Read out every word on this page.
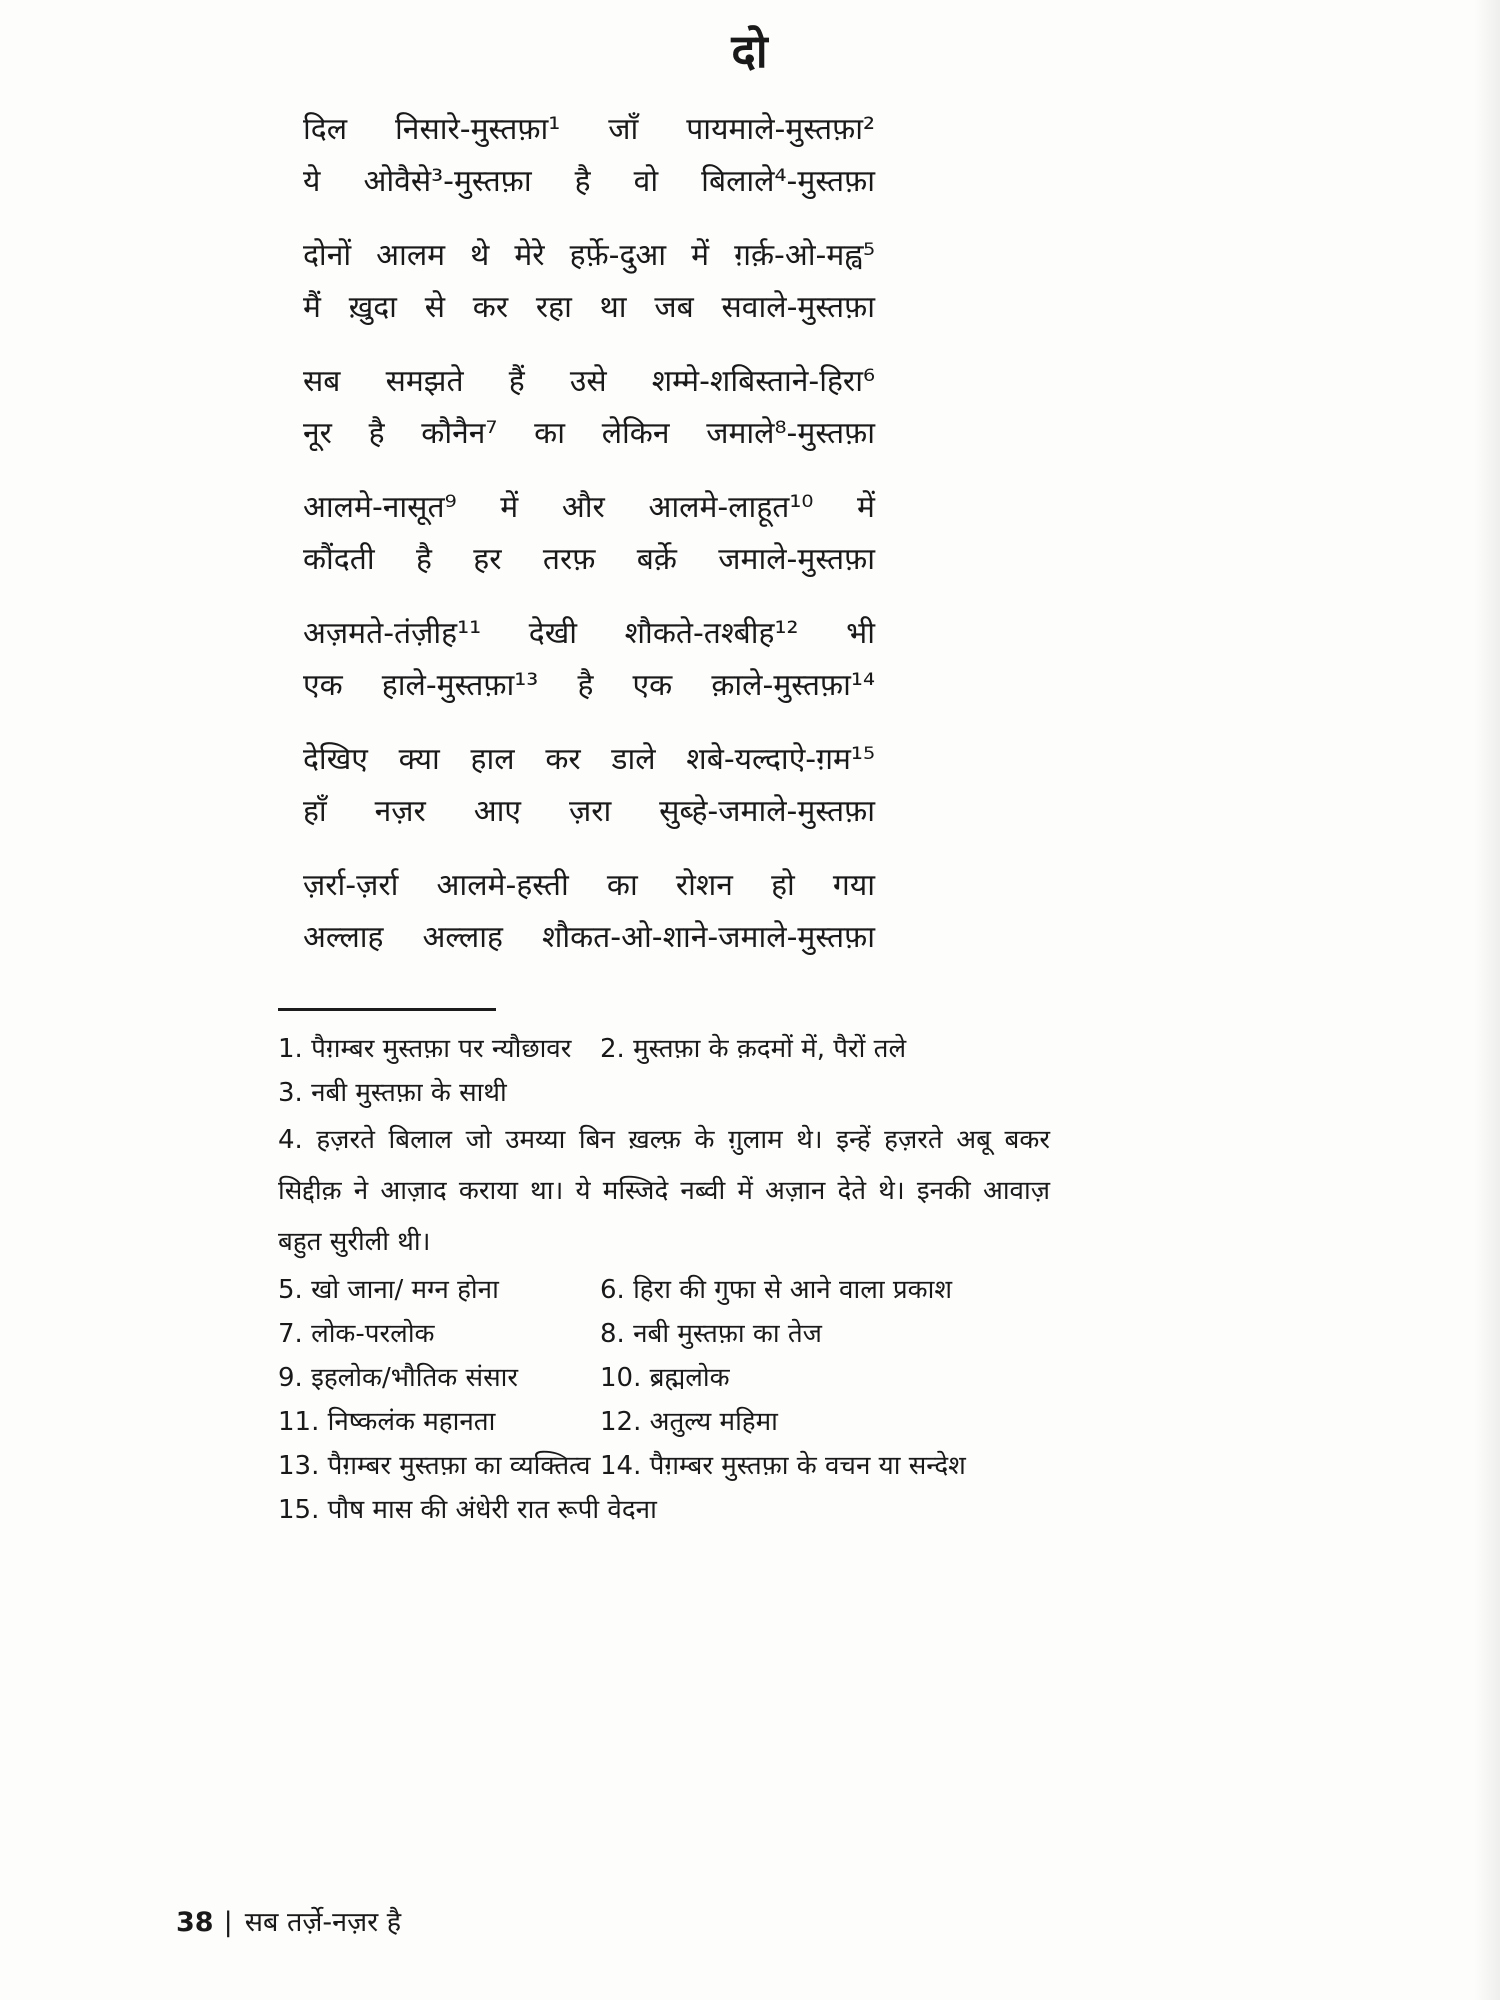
दो

दिल निसारे-मुस्तफ़ा¹ जाँ पायमाले-मुस्तफ़ा²

ये ओवैसे³-मुस्तफ़ा है वो बिलाले⁴-मुस्तफ़ा

दोनों आलम थे मेरे हर्फ़े-दुआ में ग़र्क़-ओ-मह्व⁵

मैं ख़ुदा से कर रहा था जब सवाले-मुस्तफ़ा

सब समझते हैं उसे शम्मे-शबिस्ताने-हिरा⁶

नूर है कौनैन⁷ का लेकिन जमाले⁸-मुस्तफ़ा

आलमे-नासूत⁹ में और आलमे-लाहूत¹⁰ में

कौंदती है हर तरफ़ बर्क़े जमाले-मुस्तफ़ा

अज़मते-तंज़ीह¹¹ देखी शौकते-तश्बीह¹² भी

एक हाले-मुस्तफ़ा¹³ है एक क़ाले-मुस्तफ़ा¹⁴

देखिए क्या हाल कर डाले शबे-यल्दाऐ-ग़म¹⁵

हाँ नज़र आए ज़रा सुब्हे-जमाले-मुस्तफ़ा

ज़र्रा-ज़र्रा आलमे-हस्ती का रोशन हो गया

अल्लाह अल्लाह शौकत-ओ-शाने-जमाले-मुस्तफ़ा

1. पैग़म्बर मुस्तफ़ा पर न्यौछावर	2. मुस्तफ़ा के क़दमों में, पैरों तले

3. नबी मुस्तफ़ा के साथी

4. हज़रते बिलाल जो उमय्या बिन ख़ल्फ़ के ग़ुलाम थे। इन्हें हज़रते अबू बकर सिद्दीक़ ने आज़ाद कराया था। ये मस्जिदे नब्वी में अज़ान देते थे। इनकी आवाज़ बहुत सुरीली थी।

5. खो जाना/ मग्न होना	6. हिरा की गुफा से आने वाला प्रकाश

7. लोक-परलोक	8. नबी मुस्तफ़ा का तेज

9. इहलोक/भौतिक संसार	10. ब्रह्मलोक

11. निष्कलंक महानता	12. अतुल्य महिमा

13. पैग़म्बर मुस्तफ़ा का व्यक्तित्व 14. पैग़म्बर मुस्तफ़ा के वचन या सन्देश

15. पौष मास की अंधेरी रात रूपी वेदना

38 | सब तर्ज़े-नज़र है
